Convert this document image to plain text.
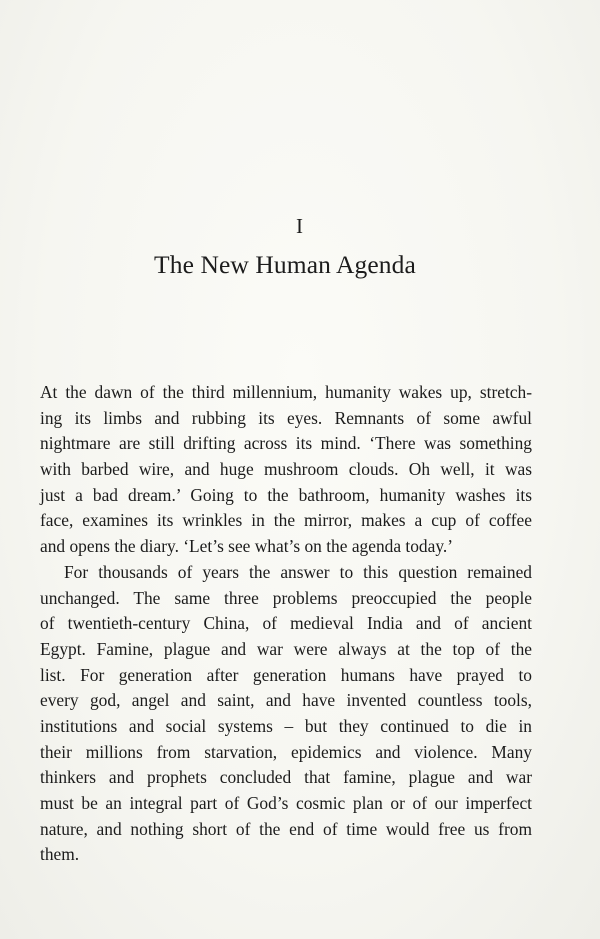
I
The New Human Agenda
At the dawn of the third millennium, humanity wakes up, stretch-
ing its limbs and rubbing its eyes. Remnants of some awful
nightmare are still drifting across its mind. ‘There was something
with barbed wire, and huge mushroom clouds. Oh well, it was
just a bad dream.’ Going to the bathroom, humanity washes its
face, examines its wrinkles in the mirror, makes a cup of coffee
and opens the diary. ‘Let’s see what’s on the agenda today.’
For thousands of years the answer to this question remained
unchanged. The same three problems preoccupied the people
of twentieth-century China, of medieval India and of ancient
Egypt. Famine, plague and war were always at the top of the
list. For generation after generation humans have prayed to
every god, angel and saint, and have invented countless tools,
institutions and social systems – but they continued to die in
their millions from starvation, epidemics and violence. Many
thinkers and prophets concluded that famine, plague and war
must be an integral part of God’s cosmic plan or of our imperfect
nature, and nothing short of the end of time would free us from
them.
